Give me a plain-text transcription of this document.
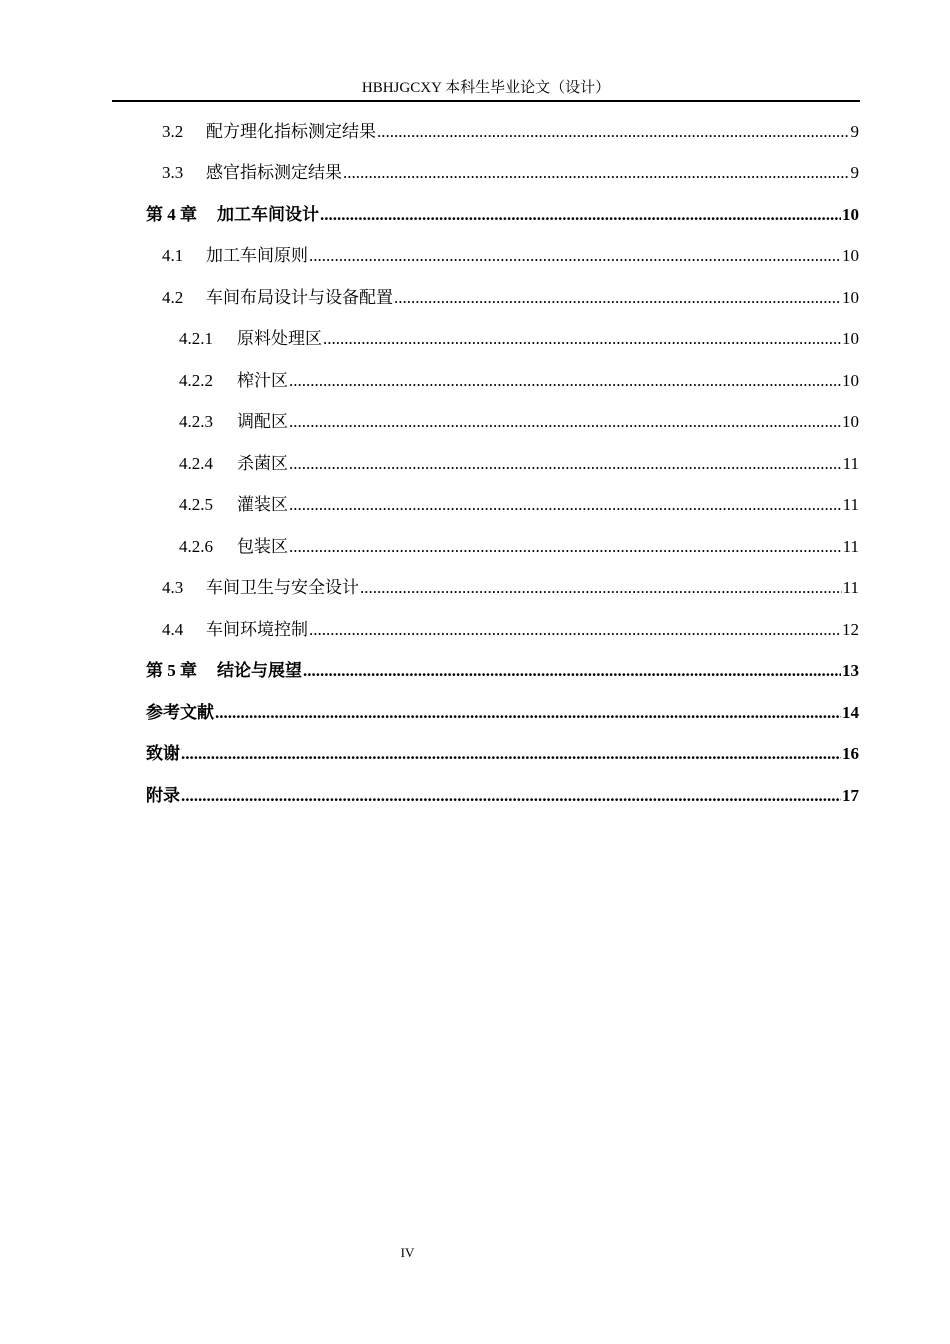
HBHJGCXY 本科生毕业论文（设计）
3.2	配方理化指标测定结果 .....	9
3.3	感官指标测定结果 .....	9
第 4 章 加工车间设计 .....	10
4.1	加工车间原则 .....	10
4.2	车间布局设计与设备配置 .....	10
4.2.1	原料处理区 .....	10
4.2.2	榨汁区 .....	10
4.2.3	调配区 .....	10
4.2.4	杀菌区 .....	11
4.2.5	灌装区 .....	11
4.2.6	包装区 .....	11
4.3	车间卫生与安全设计 .....	11
4.4	车间环境控制 .....	12
第 5 章 结论与展望 .....	13
参考文献 .....	14
致谢 .....	16
附录 .....	17
IV
